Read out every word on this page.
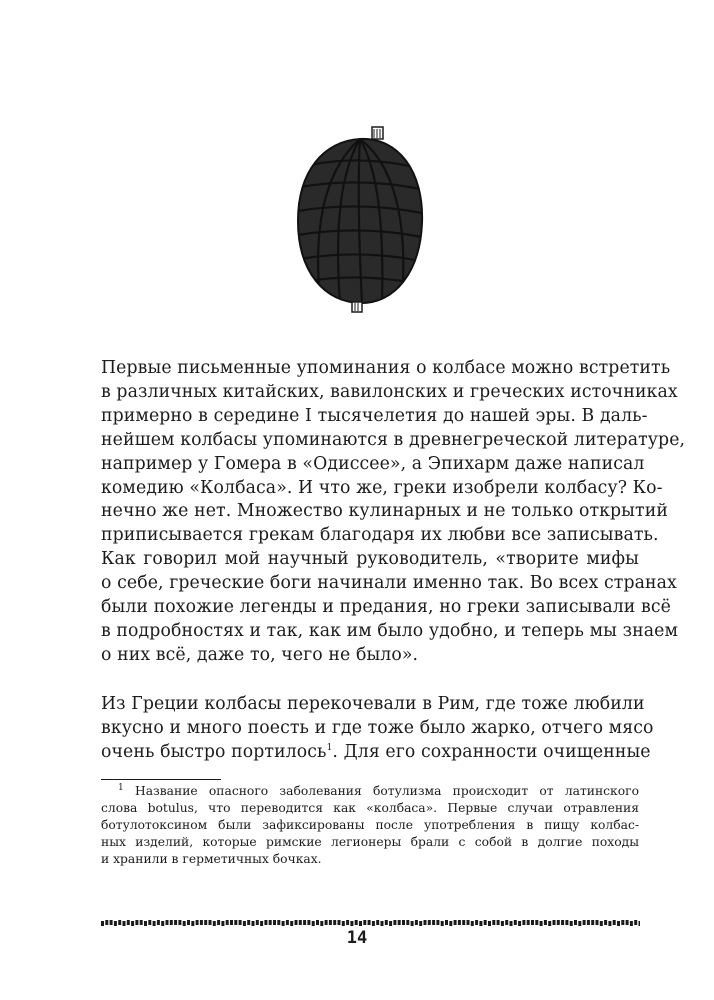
Первые письменные упоминания о колбасе можно встретить
в различных китайских, вавилонских и греческих источниках
примерно в середине I тысячелетия до нашей эры. В даль-
нейшем колбасы упоминаются в древнегреческой литературе,
например у Гомера в «Одиссее», а Эпихарм даже написал
комедию «Колбаса». И что же, греки изобрели колбасу? Ко-
нечно же нет. Множество кулинарных и не только открытий
приписывается грекам благодаря их любви все записывать.
Как говорил мой научный руководитель, «творите мифы
о себе, греческие боги начинали именно так. Во всех странах
были похожие легенды и предания, но греки записывали всё
в подробностях и так, как им было удобно, и теперь мы знаем
о них всё, даже то, чего не было».
Из Греции колбасы перекочевали в Рим, где тоже любили
вкусно и много поесть и где тоже было жарко, отчего мясо
очень быстро портилось$^1$. Для его сохранности очищенные
$^1$ Название опасного заболевания ботулизма происходит от латинского
слова botulus, что переводится как «колбаса». Первые случаи отравления
ботулотоксином были зафиксированы после употребления в пищу колбас-
ных изделий, которые римские легионеры брали с собой в долгие походы
и хранили в герметичных бочках.
14
